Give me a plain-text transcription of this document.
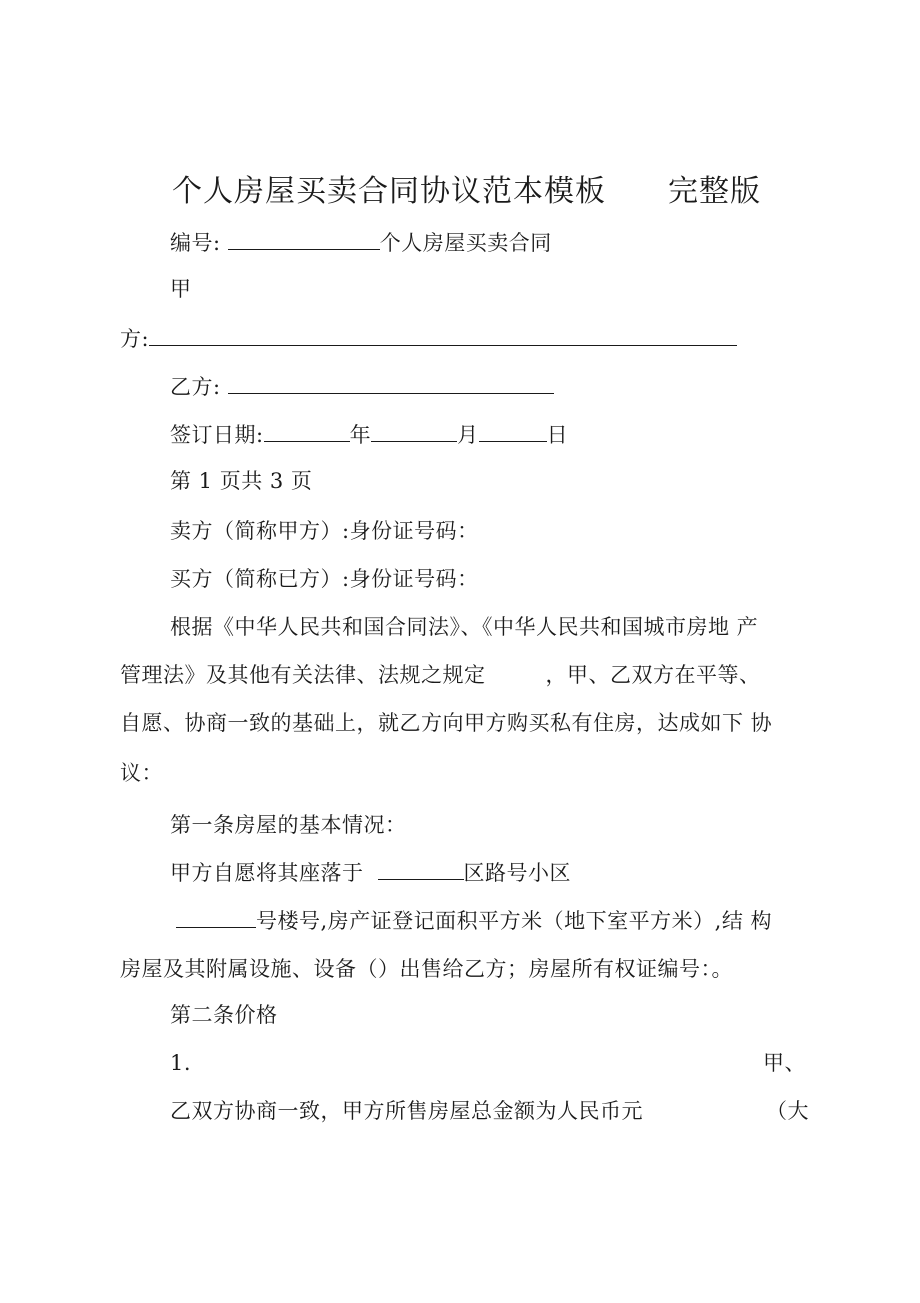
个人房屋买卖合同协议范本模板 完整版
编号:	个人房屋买卖合同
甲
方:
乙方:
签订日期:	年	月	日
第 1 页共 3 页
卖方（简称甲方）:身份证号码：
买方（简称已方）:身份证号码：
根据《中华人民共和国合同法》、《中华人民共和国城市房地 产
管理法》及其他有关法律、法规之规定	，甲、乙双方在平等、
自愿、协商一致的基础上，就乙方向甲方购买私有住房，达成如下 协
议：
第一条房屋的基本情况：
甲方自愿将其座落于	区路号小区
号楼号,房产证登记面积平方米（地下室平方米）,结 构
房屋及其附属设施、设备（）出售给乙方；房屋所有权证编号：。
第二条价格
1.	甲、
乙双方协商一致，甲方所售房屋总金额为人民币元	（大
